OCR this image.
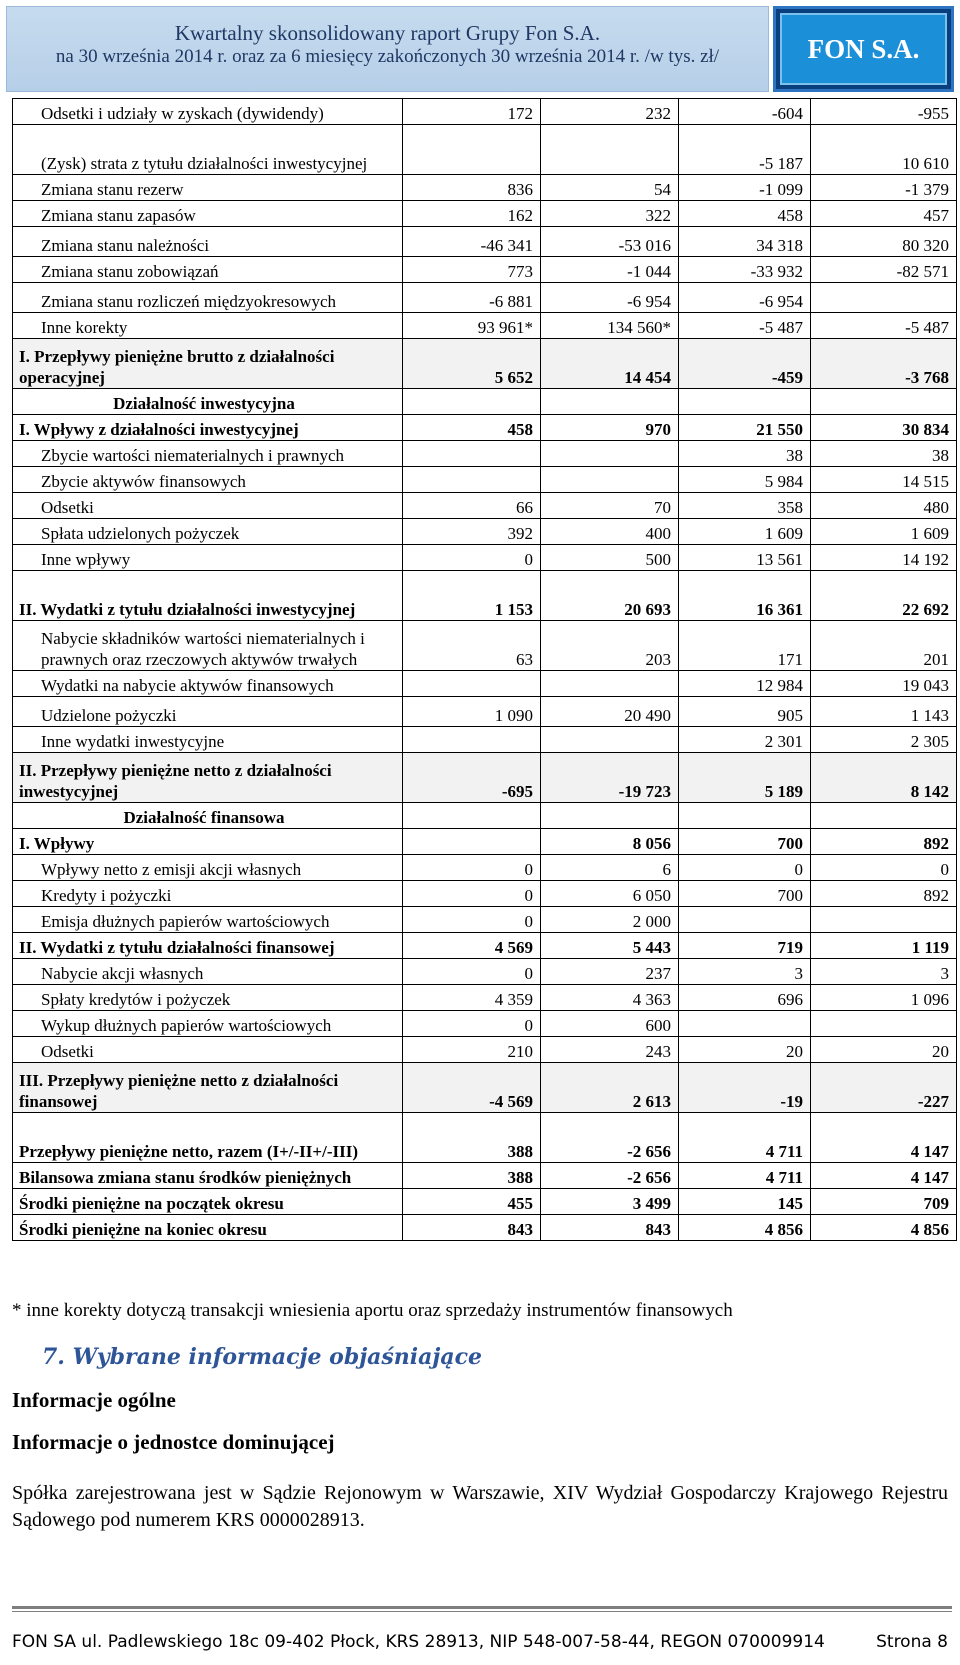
Kwartalny skonsolidowany raport Grupy Fon S.A.
na 30 września 2014 r. oraz za 6 miesięcy zakończonych 30 września 2014 r. /w tys. zł/	FON S.A.
Odsetki i udziały w zyskach (dywidendy)	172	232	-604	-955
(Zysk) strata z tytułu działalności inwestycyjnej			-5 187	10 610
Zmiana stanu rezerw	836	54	-1 099	-1 379
Zmiana stanu zapasów	162	322	458	457
Zmiana stanu należności	-46 341	-53 016	34 318	80 320
Zmiana stanu zobowiązań	773	-1 044	-33 932	-82 571
Zmiana stanu rozliczeń międzyokresowych	-6 881	-6 954	-6 954	
Inne korekty	93 961*	134 560*	-5 487	-5 487
I. Przepływy pieniężne brutto z działalności operacyjnej	5 652	14 454	-459	-3 768
Działalność inwestycyjna				
I. Wpływy z działalności inwestycyjnej	458	970	21 550	30 834
Zbycie wartości niematerialnych i prawnych			38	38
Zbycie aktywów finansowych			5 984	14 515
Odsetki	66	70	358	480
Spłata udzielonych pożyczek	392	400	1 609	1 609
Inne wpływy	0	500	13 561	14 192
II. Wydatki z tytułu działalności inwestycyjnej	1 153	20 693	16 361	22 692
Nabycie składników wartości niematerialnych i prawnych oraz rzeczowych aktywów trwałych	63	203	171	201
Wydatki na nabycie aktywów finansowych			12 984	19 043
Udzielone pożyczki	1 090	20 490	905	1 143
Inne wydatki inwestycyjne			2 301	2 305
II. Przepływy pieniężne netto z działalności inwestycyjnej	-695	-19 723	5 189	8 142
Działalność finansowa				
I. Wpływy		8 056	700	892
Wpływy netto z emisji akcji własnych	0	6	0	0
Kredyty i pożyczki	0	6 050	700	892
Emisja dłużnych papierów wartościowych	0	2 000		
II. Wydatki z tytułu działalności finansowej	4 569	5 443	719	1 119
Nabycie akcji własnych	0	237	3	3
Spłaty kredytów i pożyczek	4 359	4 363	696	1 096
Wykup dłużnych papierów wartościowych	0	600		
Odsetki	210	243	20	20
III. Przepływy pieniężne netto z działalności finansowej	-4 569	2 613	-19	-227
Przepływy pieniężne netto, razem (I+/-II+/-III)	388	-2 656	4 711	4 147
Bilansowa zmiana stanu środków pieniężnych	388	-2 656	4 711	4 147
Środki pieniężne na początek okresu	455	3 499	145	709
Środki pieniężne na koniec okresu	843	843	4 856	4 856
* inne korekty dotyczą transakcji wniesienia aportu oraz sprzedaży instrumentów finansowych
7. Wybrane informacje objaśniające
Informacje ogólne
Informacje o jednostce dominującej
Spółka zarejestrowana jest w Sądzie Rejonowym w Warszawie, XIV Wydział Gospodarczy Krajowego Rejestru Sądowego pod numerem KRS 0000028913.
FON SA ul. Padlewskiego 18c 09-402 Płock, KRS 28913, NIP 548-007-58-44, REGON 070009914	Strona 8
